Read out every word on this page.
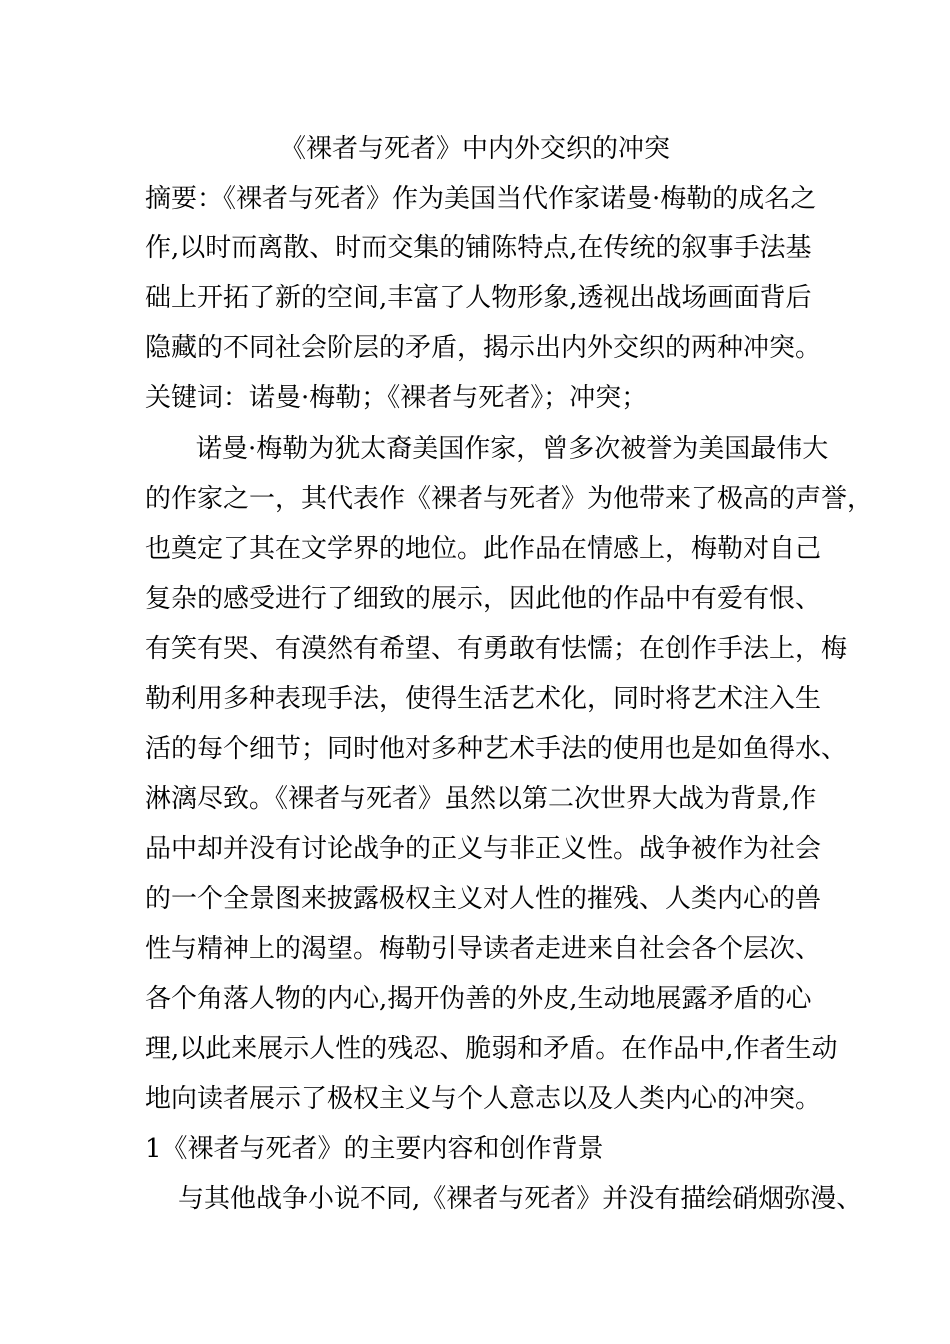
《裸者与死者》中内外交织的冲突
摘要：《裸者与死者》作为美国当代作家诺曼·梅勒的成名之
作,以时而离散、时而交集的铺陈特点,在传统的叙事手法基
础上开拓了新的空间,丰富了人物形象,透视出战场画面背后
隐藏的不同社会阶层的矛盾，揭示出内外交织的两种冲突。
关键词：诺曼·梅勒；《裸者与死者》；冲突；
诺曼·梅勒为犹太裔美国作家，曾多次被誉为美国最伟大
的作家之一，其代表作《裸者与死者》为他带来了极高的声誉，
也奠定了其在文学界的地位。此作品在情感上，梅勒对自己
复杂的感受进行了细致的展示，因此他的作品中有爱有恨、
有笑有哭、有漠然有希望、有勇敢有怯懦；在创作手法上，梅
勒利用多种表现手法，使得生活艺术化，同时将艺术注入生
活的每个细节；同时他对多种艺术手法的使用也是如鱼得水、
淋漓尽致。《裸者与死者》虽然以第二次世界大战为背景,作
品中却并没有讨论战争的正义与非正义性。战争被作为社会
的一个全景图来披露极权主义对人性的摧残、人类内心的兽
性与精神上的渴望。梅勒引导读者走进来自社会各个层次、
各个角落人物的内心,揭开伪善的外皮,生动地展露矛盾的心
理,以此来展示人性的残忍、脆弱和矛盾。在作品中,作者生动
地向读者展示了极权主义与个人意志以及人类内心的冲突。
1《裸者与死者》的主要内容和创作背景
与其他战争小说不同,《裸者与死者》并没有描绘硝烟弥漫、
